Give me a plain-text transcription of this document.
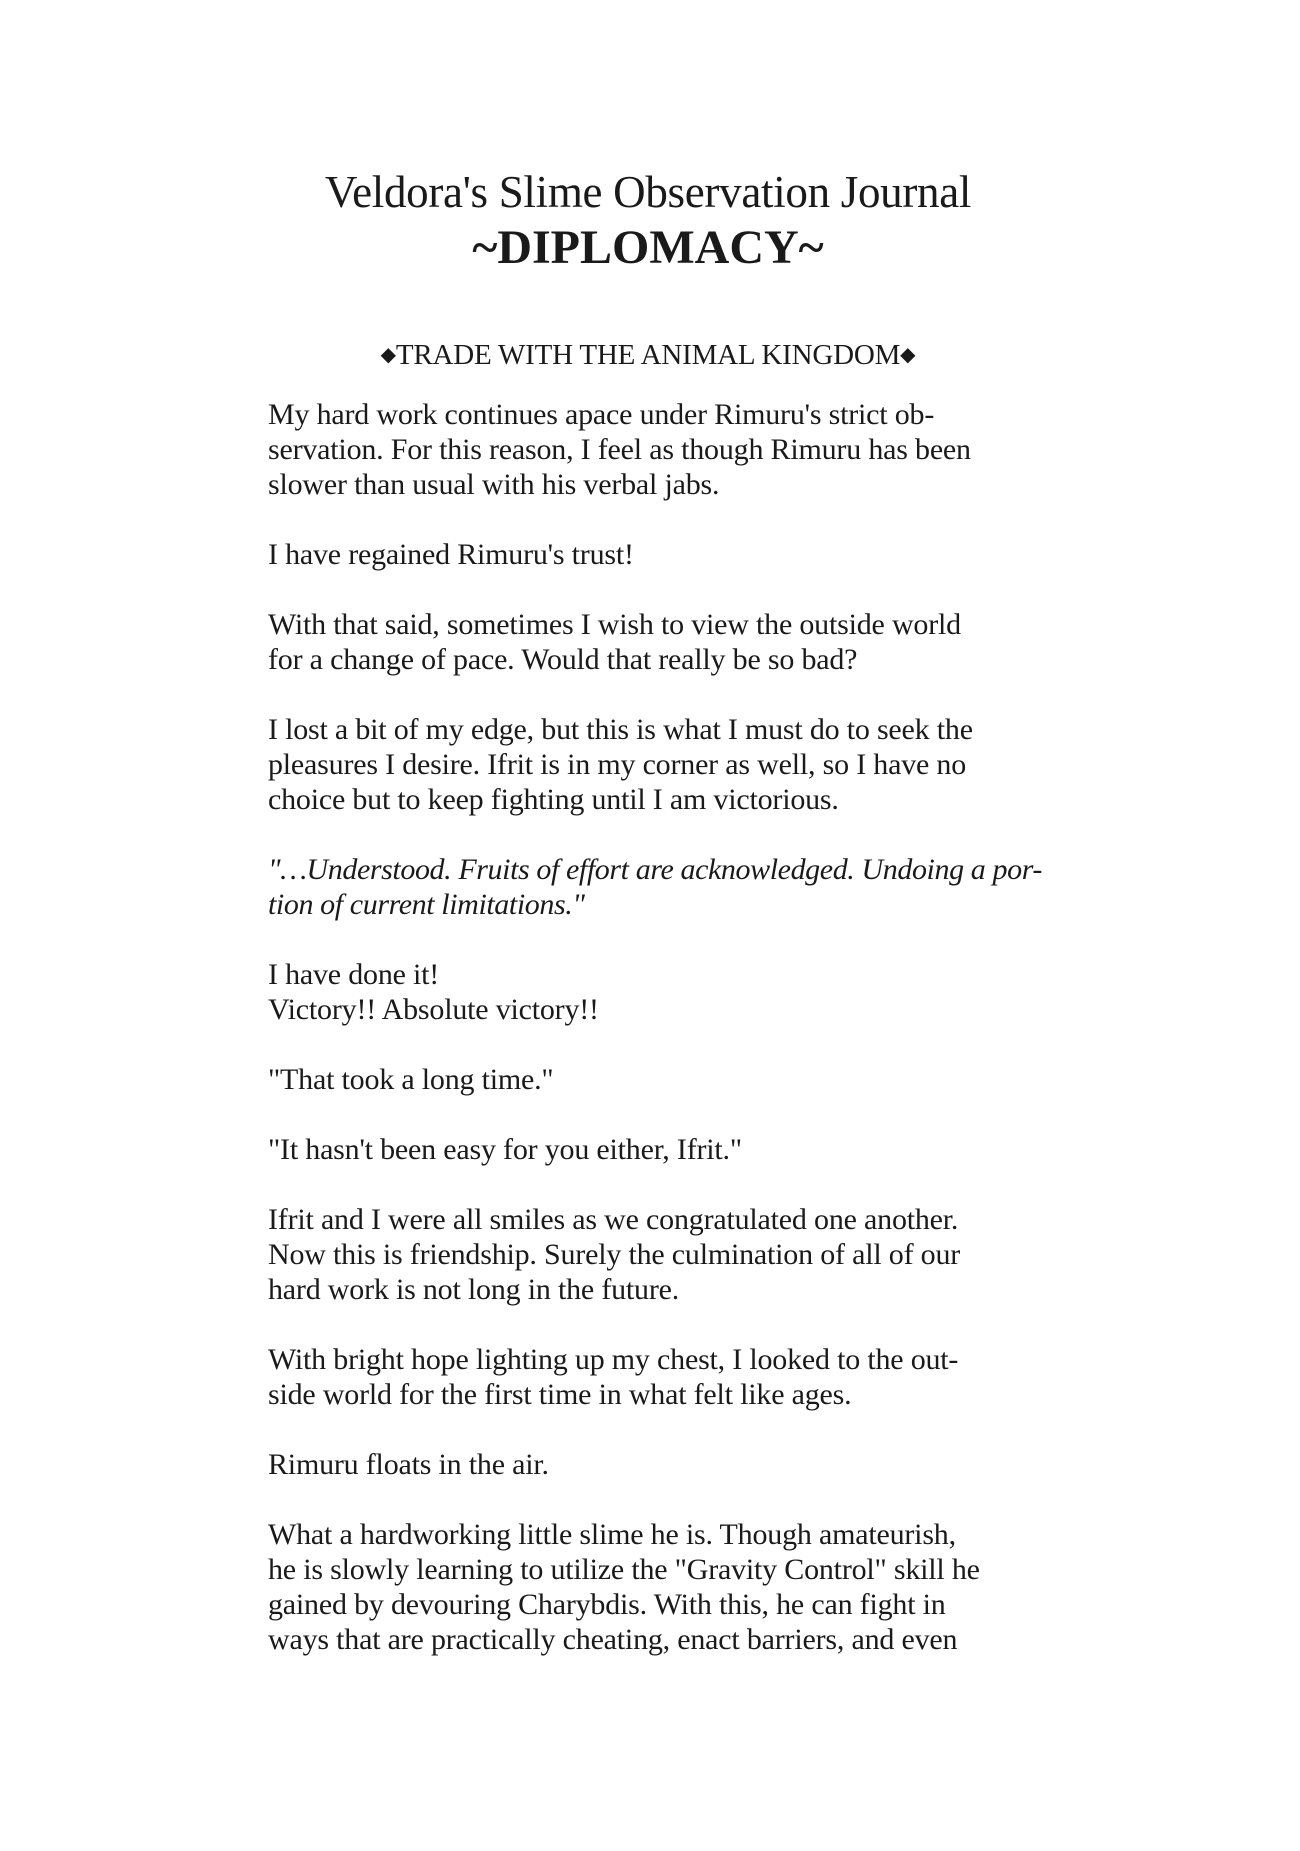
Veldora's Slime Observation Journal
~DIPLOMACY~
◆TRADE WITH THE ANIMAL KINGDOM◆

My hard work continues apace under Rimuru's strict ob-
servation. For this reason, I feel as though Rimuru has been
slower than usual with his verbal jabs.

I have regained Rimuru's trust!

With that said, sometimes I wish to view the outside world
for a change of pace. Would that really be so bad?

I lost a bit of my edge, but this is what I must do to seek the
pleasures I desire. Ifrit is in my corner as well, so I have no
choice but to keep fighting until I am victorious.

"…Understood. Fruits of effort are acknowledged. Undoing a por-
tion of current limitations."

I have done it!
Victory!! Absolute victory!!

"That took a long time."

"It hasn't been easy for you either, Ifrit."

Ifrit and I were all smiles as we congratulated one another.
Now this is friendship. Surely the culmination of all of our
hard work is not long in the future.

With bright hope lighting up my chest, I looked to the out-
side world for the first time in what felt like ages.

Rimuru floats in the air.

What a hardworking little slime he is. Though amateurish,
he is slowly learning to utilize the "Gravity Control" skill he
gained by devouring Charybdis. With this, he can fight in
ways that are practically cheating, enact barriers, and even
